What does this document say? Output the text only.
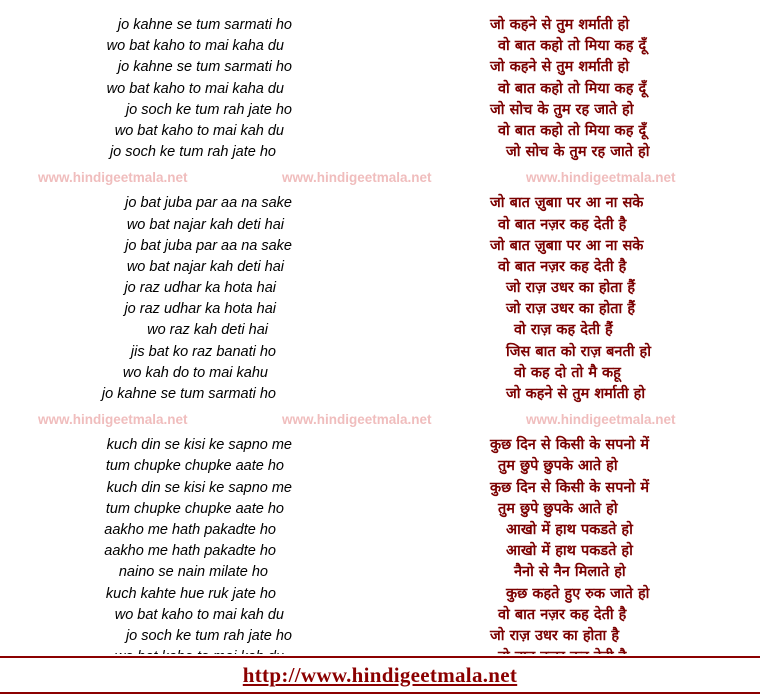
jo kahne se tum sarmati ho	जो कहने से तुम शर्माती हो
wo bat kaho to mai kaha du	वो बात कहो तो मिया कह दूँ
jo kahne se tum sarmati ho	जो कहने से तुम शर्माती हो
wo bat kaho to mai kaha du	वो बात कहो तो मिया कह दूँ
jo soch ke tum rah jate ho	जो सोच के तुम रह जाते हो
wo bat kaho to mai kah du	वो बात कहो तो मिया कह दूँ
jo soch ke tum rah jate ho	जो सोच के तुम रह जाते हो
www.hindigeetmala.net	www.hindigeetmala.net	www.hindigeetmala.net
jo bat juba par aa na sake	जो बात ज़ुबाा पर आ ना सके
wo bat najar kah deti hai	वो बात नज़र कह देती है
jo bat juba par aa na sake	जो बात ज़ुबाा पर आ ना सके
wo bat najar kah deti hai	वो बात नज़र कह देती है
jo raz udhar ka hota hai	जो राज़ उधर का होता हैं
jo raz udhar ka hota hai	जो राज़ उधर का होता हैं
wo raz kah deti hai	वो राज़ कह देती हैं
jis bat ko raz banati ho	जिस बात को राज़ बनती हो
wo kah do to mai kahu	वो कह दो तो मै कहू
jo kahne se tum sarmati ho	जो कहने से तुम शर्माती हो
www.hindigeetmala.net	www.hindigeetmala.net	www.hindigeetmala.net
kuch din se kisi ke sapno me	कुछ दिन से किसी के सपनो में
tum chupke chupke aate ho	तुम छुपे छुपके आते हो
kuch din se kisi ke sapno me	कुछ दिन से किसी के सपनो में
tum chupke chupke aate ho	तुम छुपे छुपके आते हो
aakho me hath pakadte ho	आखो में हाथ पकडते हो
aakho me hath pakadte ho	आखो में हाथ पकडते हो
naino se nain milate ho	नैनो से नैन मिलाते हो
kuch kahte hue ruk jate ho	कुछ कहते हुए रुक जाते हो
wo bat kaho to mai kah du	वो बात नज़र कह देती है
jo soch ke tum rah jate ho	जो राज़ उधर का होता है
http://www.hindigeetmala.net
